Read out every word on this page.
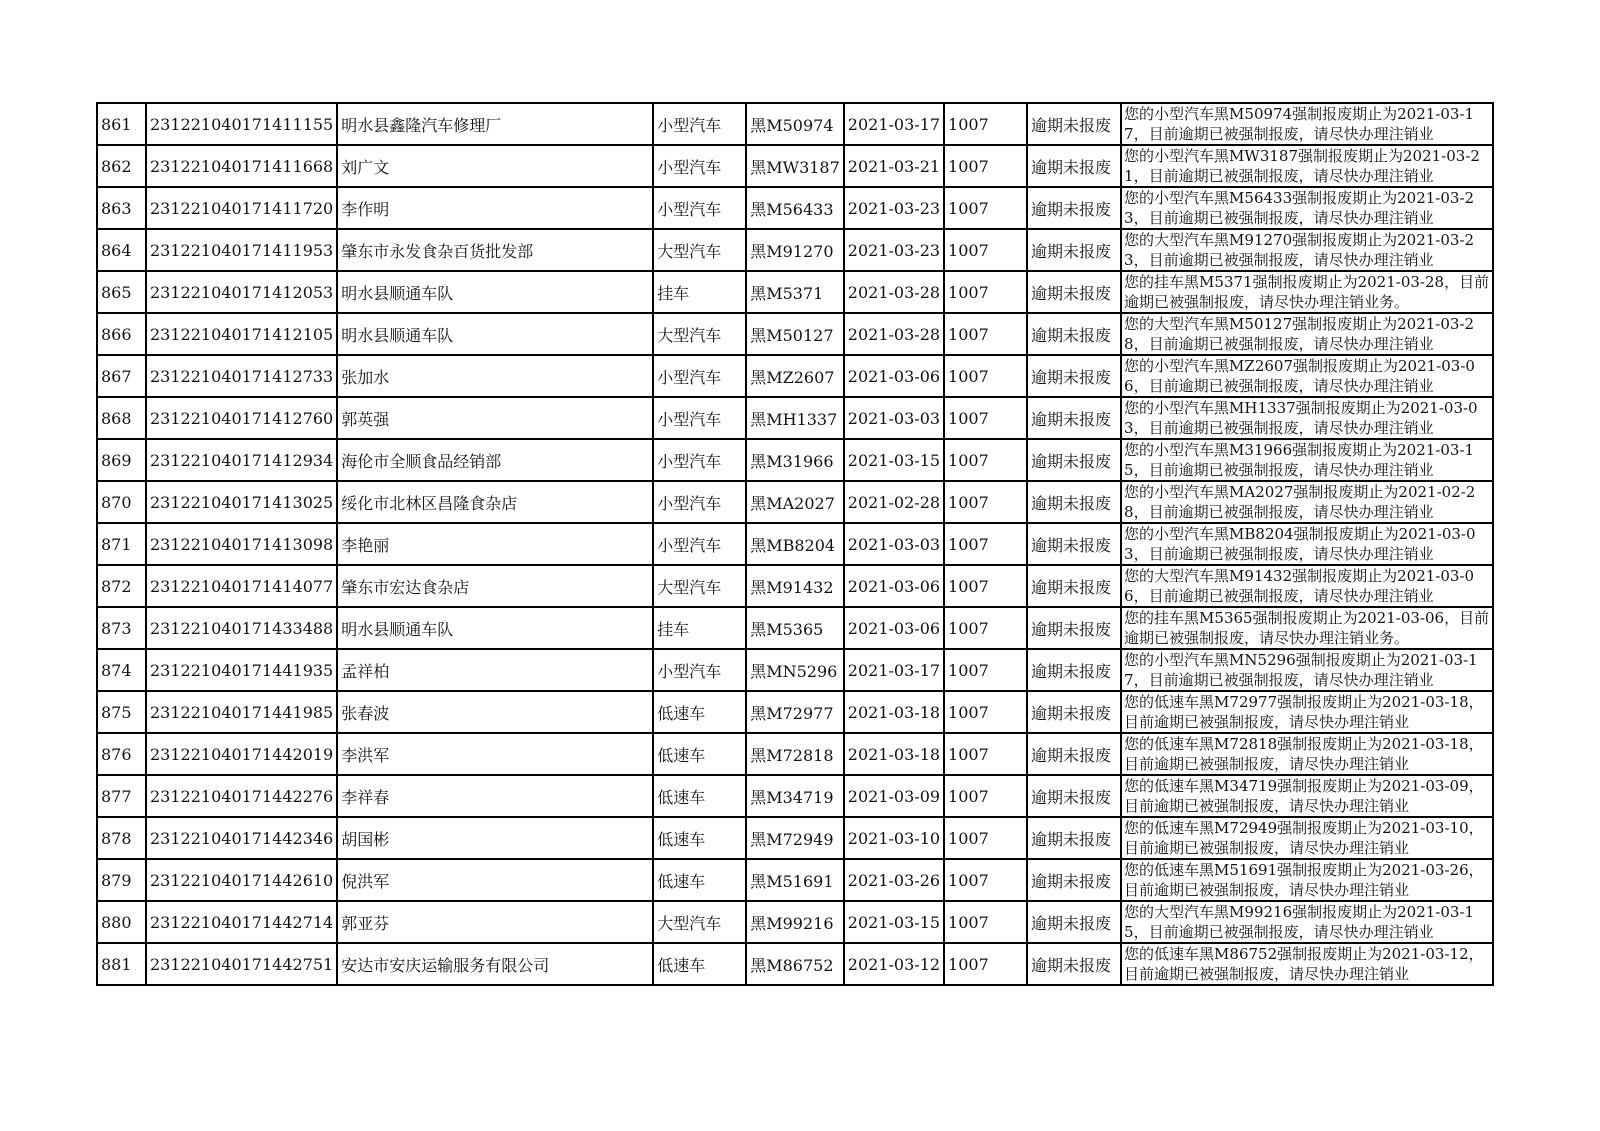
861	231221040171411155	明水县鑫隆汽车修理厂	小型汽车	黑M50974	2021-03-17	1007	逾期未报废	您的小型汽车黑M50974强制报废期止为2021-03-17，目前逾期已被强制报废，请尽快办理注销业

862	231221040171411668	刘广文	小型汽车	黑MW3187	2021-03-21	1007	逾期未报废	您的小型汽车黑MW3187强制报废期止为2021-03-21，目前逾期已被强制报废，请尽快办理注销业

863	231221040171411720	李作明	小型汽车	黑M56433	2021-03-23	1007	逾期未报废	您的小型汽车黑M56433强制报废期止为2021-03-23，目前逾期已被强制报废，请尽快办理注销业

864	231221040171411953	肇东市永发食杂百货批发部	大型汽车	黑M91270	2021-03-23	1007	逾期未报废	您的大型汽车黑M91270强制报废期止为2021-03-23，目前逾期已被强制报废，请尽快办理注销业

865	231221040171412053	明水县顺通车队	挂车	黑M5371	2021-03-28	1007	逾期未报废	您的挂车黑M5371强制报废期止为2021-03-28，目前逾期已被强制报废，请尽快办理注销业务。

866	231221040171412105	明水县顺通车队	大型汽车	黑M50127	2021-03-28	1007	逾期未报废	您的大型汽车黑M50127强制报废期止为2021-03-28，目前逾期已被强制报废，请尽快办理注销业

867	231221040171412733	张加水	小型汽车	黑MZ2607	2021-03-06	1007	逾期未报废	您的小型汽车黑MZ2607强制报废期止为2021-03-06，目前逾期已被强制报废，请尽快办理注销业

868	231221040171412760	郭英强	小型汽车	黑MH1337	2021-03-03	1007	逾期未报废	您的小型汽车黑MH1337强制报废期止为2021-03-03，目前逾期已被强制报废，请尽快办理注销业

869	231221040171412934	海伦市全顺食品经销部	小型汽车	黑M31966	2021-03-15	1007	逾期未报废	您的小型汽车黑M31966强制报废期止为2021-03-15，目前逾期已被强制报废，请尽快办理注销业

870	231221040171413025	绥化市北林区昌隆食杂店	小型汽车	黑MA2027	2021-02-28	1007	逾期未报废	您的小型汽车黑MA2027强制报废期止为2021-02-28，目前逾期已被强制报废，请尽快办理注销业

871	231221040171413098	李艳丽	小型汽车	黑MB8204	2021-03-03	1007	逾期未报废	您的小型汽车黑MB8204强制报废期止为2021-03-03，目前逾期已被强制报废，请尽快办理注销业

872	231221040171414077	肇东市宏达食杂店	大型汽车	黑M91432	2021-03-06	1007	逾期未报废	您的大型汽车黑M91432强制报废期止为2021-03-06，目前逾期已被强制报废，请尽快办理注销业

873	231221040171433488	明水县顺通车队	挂车	黑M5365	2021-03-06	1007	逾期未报废	您的挂车黑M5365强制报废期止为2021-03-06，目前逾期已被强制报废，请尽快办理注销业务。

874	231221040171441935	孟祥柏	小型汽车	黑MN5296	2021-03-17	1007	逾期未报废	您的小型汽车黑MN5296强制报废期止为2021-03-17，目前逾期已被强制报废，请尽快办理注销业

875	231221040171441985	张春波	低速车	黑M72977	2021-03-18	1007	逾期未报废	您的低速车黑M72977强制报废期止为2021-03-18，目前逾期已被强制报废，请尽快办理注销业

876	231221040171442019	李洪军	低速车	黑M72818	2021-03-18	1007	逾期未报废	您的低速车黑M72818强制报废期止为2021-03-18，目前逾期已被强制报废，请尽快办理注销业

877	231221040171442276	李祥春	低速车	黑M34719	2021-03-09	1007	逾期未报废	您的低速车黑M34719强制报废期止为2021-03-09，目前逾期已被强制报废，请尽快办理注销业

878	231221040171442346	胡国彬	低速车	黑M72949	2021-03-10	1007	逾期未报废	您的低速车黑M72949强制报废期止为2021-03-10，目前逾期已被强制报废，请尽快办理注销业

879	231221040171442610	倪洪军	低速车	黑M51691	2021-03-26	1007	逾期未报废	您的低速车黑M51691强制报废期止为2021-03-26，目前逾期已被强制报废，请尽快办理注销业

880	231221040171442714	郭亚芬	大型汽车	黑M99216	2021-03-15	1007	逾期未报废	您的大型汽车黑M99216强制报废期止为2021-03-15，目前逾期已被强制报废，请尽快办理注销业

881	231221040171442751	安达市安庆运输服务有限公司	低速车	黑M86752	2021-03-12	1007	逾期未报废	您的低速车黑M86752强制报废期止为2021-03-12，目前逾期已被强制报废，请尽快办理注销业
